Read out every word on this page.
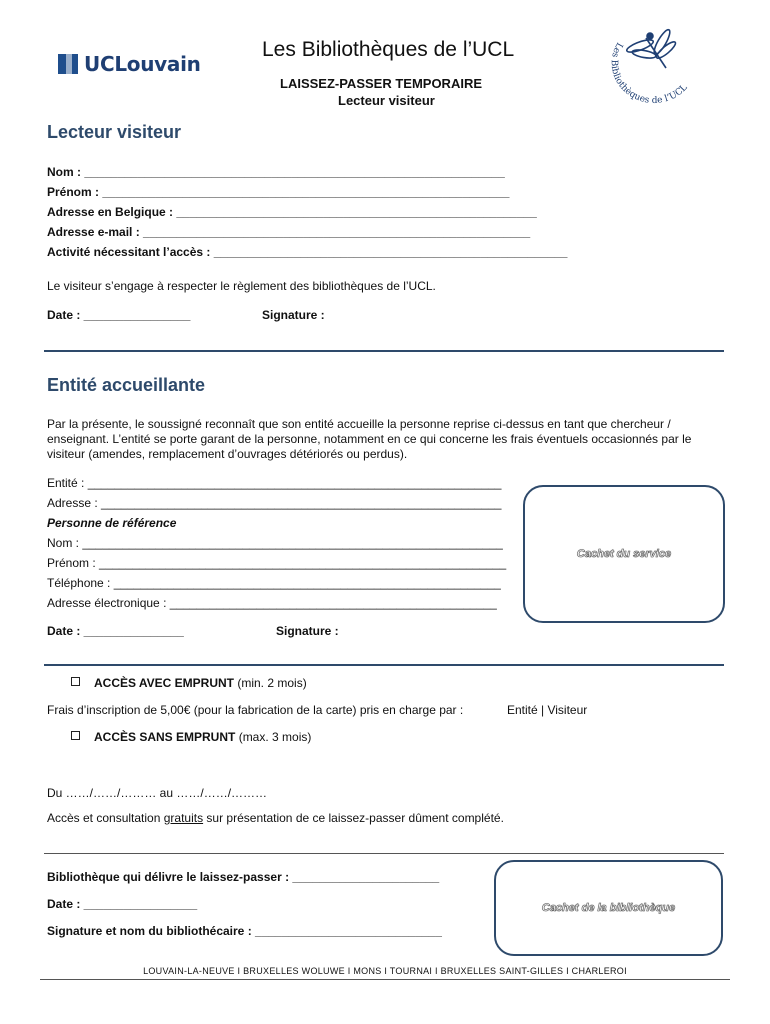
UCLouvain
Les Bibliothèques de l’UCL
LAISSEZ-PASSER TEMPORAIRE
Lecteur visiteur
Les Bibliothèques de l’UCL
Lecteur visiteur
Nom : _______________________________________________________________
Prénom : _____________________________________________________________
Adresse en Belgique : ______________________________________________________
Adresse e-mail : __________________________________________________________
Activité nécessitant l’accès : _____________________________________________________
Le visiteur s’engage à respecter le règlement des bibliothèques de l’UCL.
Date : ________________	Signature :
Entité accueillante
Par la présente, le soussigné reconnaît que son entité accueille la personne reprise ci-dessus en tant que chercheur / enseignant. L’entité se porte garant de la personne, notamment en ce qui concerne les frais éventuels occasionnés par le visiteur (amendes, remplacement d’ouvrages détériorés ou perdus).
Entité : ______________________________________________________________
Adresse : ____________________________________________________________
Personne de référence
Nom : _______________________________________________________________
Prénom : _____________________________________________________________
Téléphone : __________________________________________________________
Adresse électronique : _________________________________________________
Date : _______________	Signature :
Cachet du service
ACCÈS AVEC EMPRUNT (min. 2 mois)
Frais d’inscription de 5,00€ (pour la fabrication de la carte) pris en charge par :	Entité | Visiteur
ACCÈS SANS EMPRUNT (max. 3 mois)
Du ……/……/……… au ……/……/………
Accès et consultation gratuits sur présentation de ce laissez-passer dûment complété.
Bibliothèque qui délivre le laissez-passer : ______________________
Date : _________________
Signature et nom du bibliothécaire : ____________________________
Cachet de la bibliothèque
LOUVAIN-LA-NEUVE I BRUXELLES WOLUWE I MONS I TOURNAI I BRUXELLES SAINT-GILLES I CHARLEROI
